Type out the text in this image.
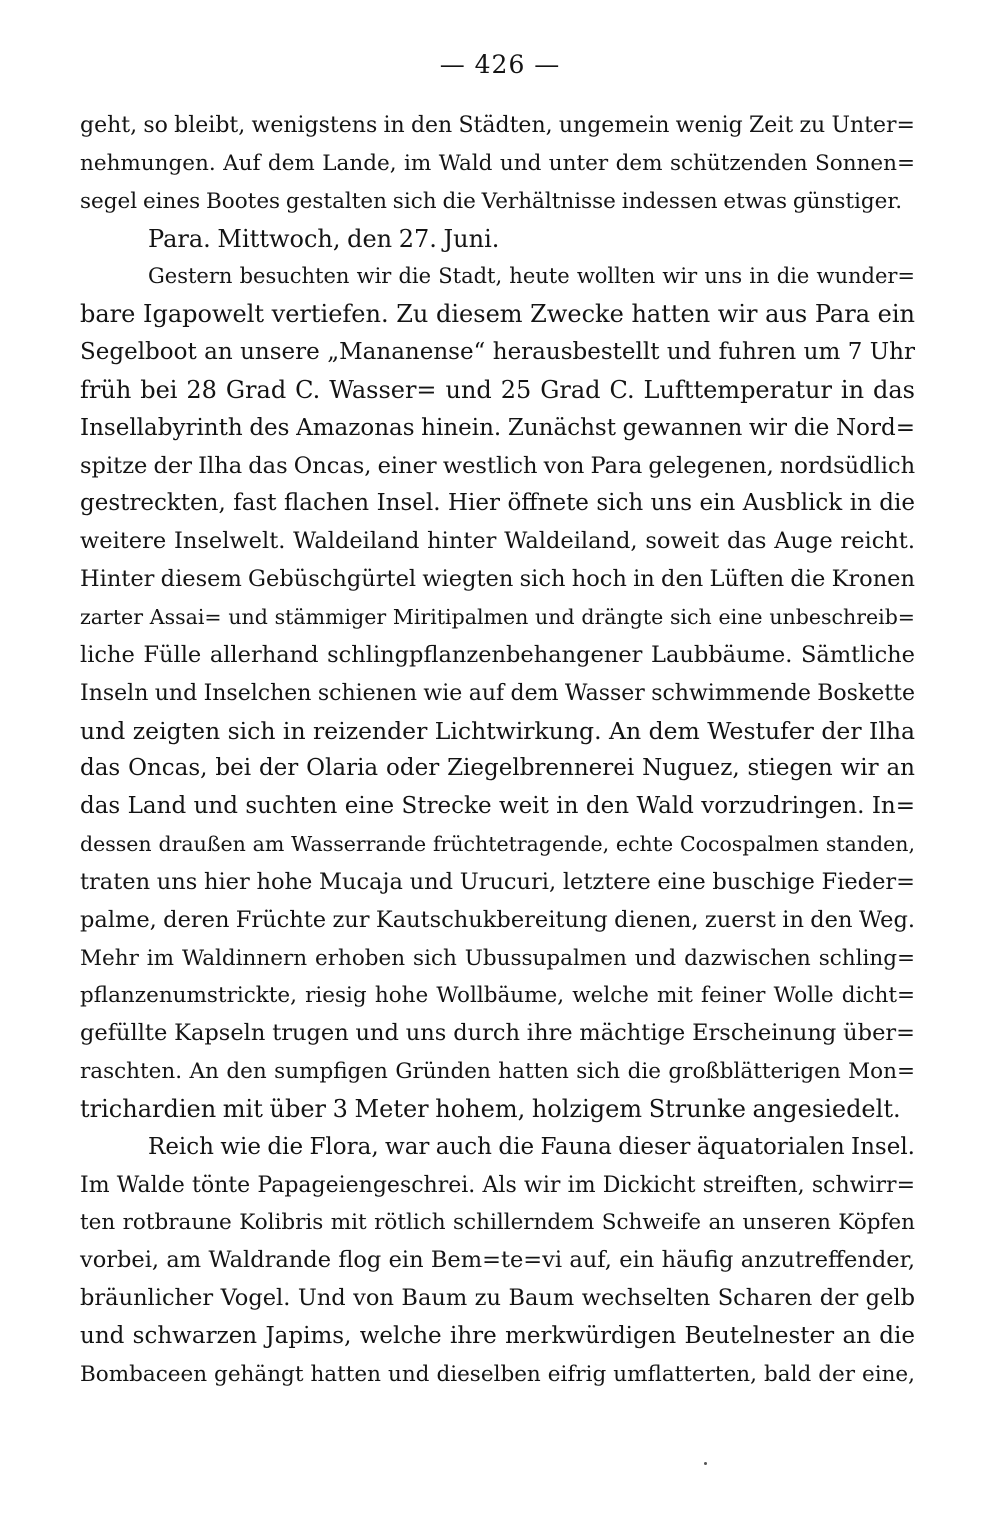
— 426 —
geht, so bleibt, wenigstens in den Städten, ungemein wenig Zeit zu Unter=
nehmungen. Auf dem Lande, im Wald und unter dem schützenden Sonnen=
segel eines Bootes gestalten sich die Verhältnisse indessen etwas günstiger.
Para. Mittwoch, den 27. Juni.
Gestern besuchten wir die Stadt, heute wollten wir uns in die wunder=
bare Igapowelt vertiefen. Zu diesem Zwecke hatten wir aus Para ein
Segelboot an unsere „Mananense“ herausbestellt und fuhren um 7 Uhr
früh bei 28 Grad C. Wasser= und 25 Grad C. Lufttemperatur in das
Insellabyrinth des Amazonas hinein. Zunächst gewannen wir die Nord=
spitze der Ilha das Oncas, einer westlich von Para gelegenen, nordsüdlich
gestreckten, fast flachen Insel. Hier öffnete sich uns ein Ausblick in die
weitere Inselwelt. Waldeiland hinter Waldeiland, soweit das Auge reicht.
Hinter diesem Gebüschgürtel wiegten sich hoch in den Lüften die Kronen
zarter Assai= und stämmiger Miritipalmen und drängte sich eine unbeschreib=
liche Fülle allerhand schlingpflanzenbehangener Laubbäume. Sämtliche
Inseln und Inselchen schienen wie auf dem Wasser schwimmende Boskette
und zeigten sich in reizender Lichtwirkung. An dem Westufer der Ilha
das Oncas, bei der Olaria oder Ziegelbrennerei Nuguez, stiegen wir an
das Land und suchten eine Strecke weit in den Wald vorzudringen. In=
dessen draußen am Wasserrande früchtetragende, echte Cocospalmen standen,
traten uns hier hohe Mucaja und Urucuri, letztere eine buschige Fieder=
palme, deren Früchte zur Kautschukbereitung dienen, zuerst in den Weg.
Mehr im Waldinnern erhoben sich Ubussupalmen und dazwischen schling=
pflanzenumstrickte, riesig hohe Wollbäume, welche mit feiner Wolle dicht=
gefüllte Kapseln trugen und uns durch ihre mächtige Erscheinung über=
raschten. An den sumpfigen Gründen hatten sich die großblätterigen Mon=
trichardien mit über 3 Meter hohem, holzigem Strunke angesiedelt.
Reich wie die Flora, war auch die Fauna dieser äquatorialen Insel.
Im Walde tönte Papageiengeschrei. Als wir im Dickicht streiften, schwirr=
ten rotbraune Kolibris mit rötlich schillerndem Schweife an unseren Köpfen
vorbei, am Waldrande flog ein Bem=te=vi auf, ein häufig anzutreffender,
bräunlicher Vogel. Und von Baum zu Baum wechselten Scharen der gelb
und schwarzen Japims, welche ihre merkwürdigen Beutelnester an die
Bombaceen gehängt hatten und dieselben eifrig umflatterten, bald der eine,
